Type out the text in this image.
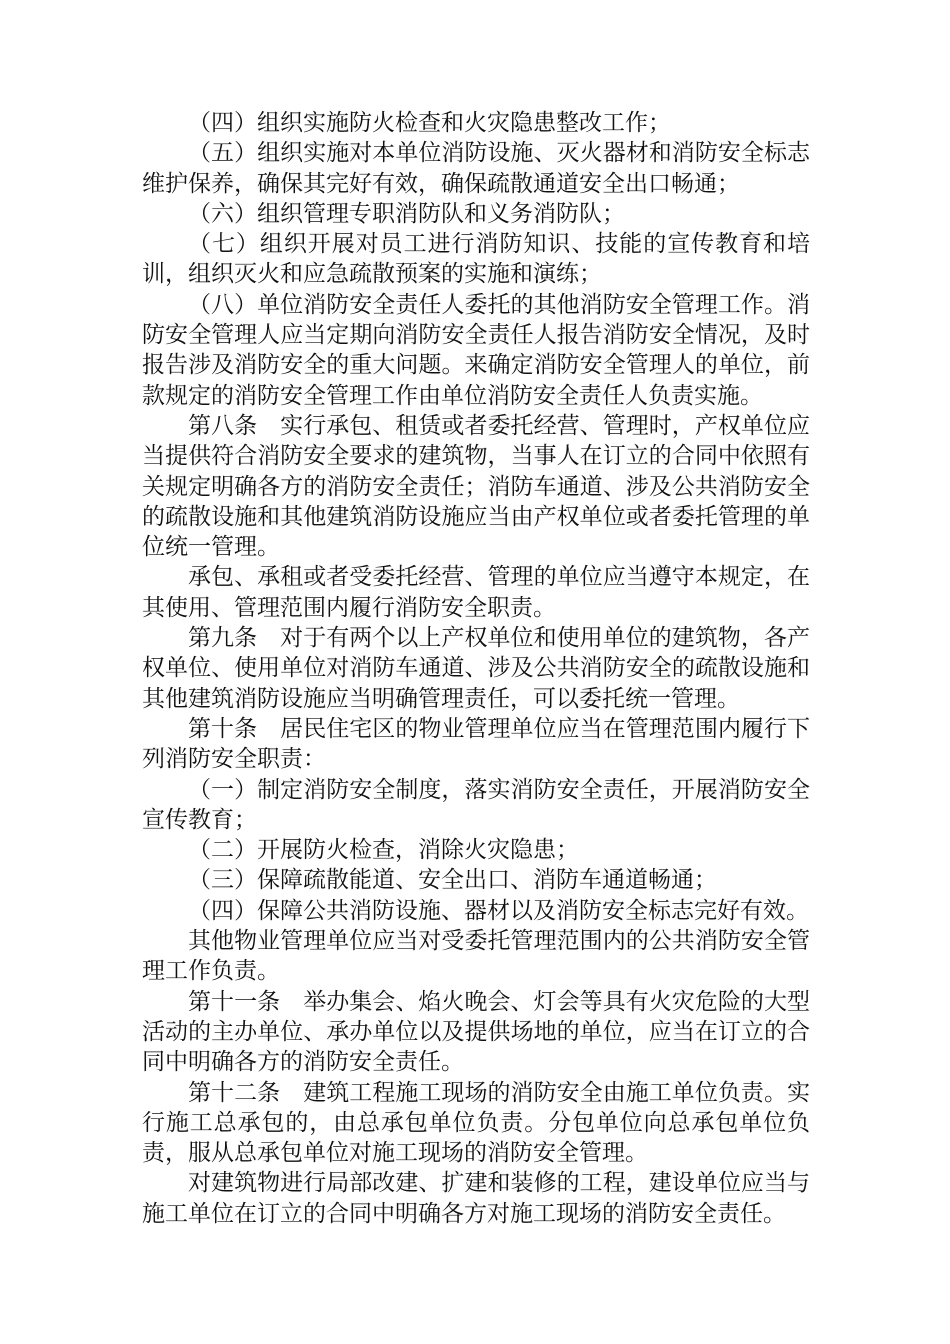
（四）组织实施防火检查和火灾隐患整改工作；

（五）组织实施对本单位消防设施、灭火器材和消防安全标志维护保养，确保其完好有效，确保疏散通道安全出口畅通；

（六）组织管理专职消防队和义务消防队；

（七）组织开展对员工进行消防知识、技能的宣传教育和培训，组织灭火和应急疏散预案的实施和演练；

（八）单位消防安全责任人委托的其他消防安全管理工作。消防安全管理人应当定期向消防安全责任人报告消防安全情况，及时报告涉及消防安全的重大问题。来确定消防安全管理人的单位，前款规定的消防安全管理工作由单位消防安全责任人负责实施。

第八条　实行承包、租赁或者委托经营、管理时，产权单位应当提供符合消防安全要求的建筑物，当事人在订立的合同中依照有关规定明确各方的消防安全责任；消防车通道、涉及公共消防安全的疏散设施和其他建筑消防设施应当由产权单位或者委托管理的单位统一管理。

承包、承租或者受委托经营、管理的单位应当遵守本规定，在其使用、管理范围内履行消防安全职责。

第九条　对于有两个以上产权单位和使用单位的建筑物，各产权单位、使用单位对消防车通道、涉及公共消防安全的疏散设施和其他建筑消防设施应当明确管理责任，可以委托统一管理。

第十条　居民住宅区的物业管理单位应当在管理范围内履行下列消防安全职责：

（一）制定消防安全制度，落实消防安全责任，开展消防安全宣传教育；

（二）开展防火检查，消除火灾隐患；

（三）保障疏散能道、安全出口、消防车通道畅通；

（四）保障公共消防设施、器材以及消防安全标志完好有效。

其他物业管理单位应当对受委托管理范围内的公共消防安全管理工作负责。

第十一条　举办集会、焰火晚会、灯会等具有火灾危险的大型活动的主办单位、承办单位以及提供场地的单位，应当在订立的合同中明确各方的消防安全责任。

第十二条　建筑工程施工现场的消防安全由施工单位负责。实行施工总承包的，由总承包单位负责。分包单位向总承包单位负责，服从总承包单位对施工现场的消防安全管理。

对建筑物进行局部改建、扩建和装修的工程，建设单位应当与施工单位在订立的合同中明确各方对施工现场的消防安全责任。
